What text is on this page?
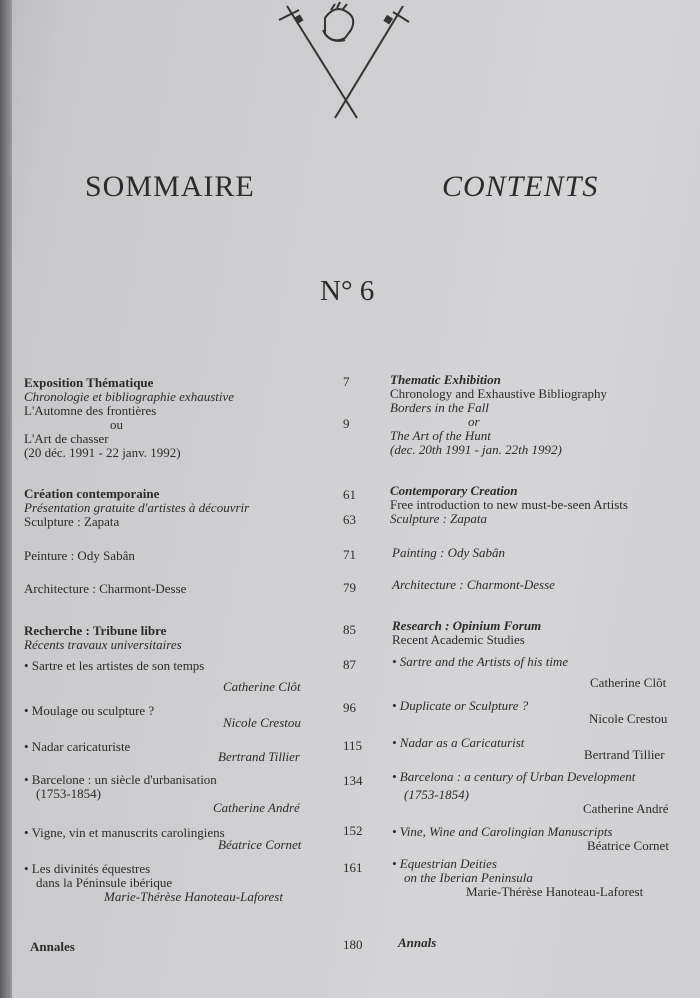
SOMMAIRE	CONTENTS
N° 6
Exposition Thématique
Chronologie et bibliographie exhaustive
L'Automne des frontières
ou
L'Art de chasser
(20 déc. 1991 - 22 janv. 1992)
Création contemporaine
Présentation gratuite d'artistes à découvrir
Sculpture : Zapata
Peinture : Ody Sabân
Architecture : Charmont-Desse
Recherche : Tribune libre
Récents travaux universitaires
• Sartre et les artistes de son temps
Catherine Clôt
• Moulage ou sculpture ?
Nicole Crestou
• Nadar caricaturiste
Bertrand Tillier
• Barcelone : un siècle d'urbanisation
(1753-1854)
Catherine André
• Vigne, vin et manuscrits carolingiens
Béatrice Cornet
• Les divinités équestres
dans la Péninsule ibérique
Marie-Thérèse Hanoteau-Laforest
Annales
7
9
61
63
71
79
85
87
96
115
134
152
161
180
Thematic Exhibition
Chronology and Exhaustive Bibliography
Borders in the Fall
or
The Art of the Hunt
(dec. 20th 1991 - jan. 22th 1992)
Contemporary Creation
Free introduction to new must-be-seen Artists
Sculpture : Zapata
Painting : Ody Sabân
Architecture : Charmont-Desse
Research : Opinium Forum
Recent Academic Studies
• Sartre and the Artists of his time
Catherine Clôt
• Duplicate or Sculpture ?
Nicole Crestou
• Nadar as a Caricaturist
Bertrand Tillier
• Barcelona : a century of Urban Development
(1753-1854)
Catherine André
• Vine, Wine and Carolingian Manuscripts
Béatrice Cornet
• Equestrian Deities
on the Iberian Peninsula
Marie-Thérèse Hanoteau-Laforest
Annals
